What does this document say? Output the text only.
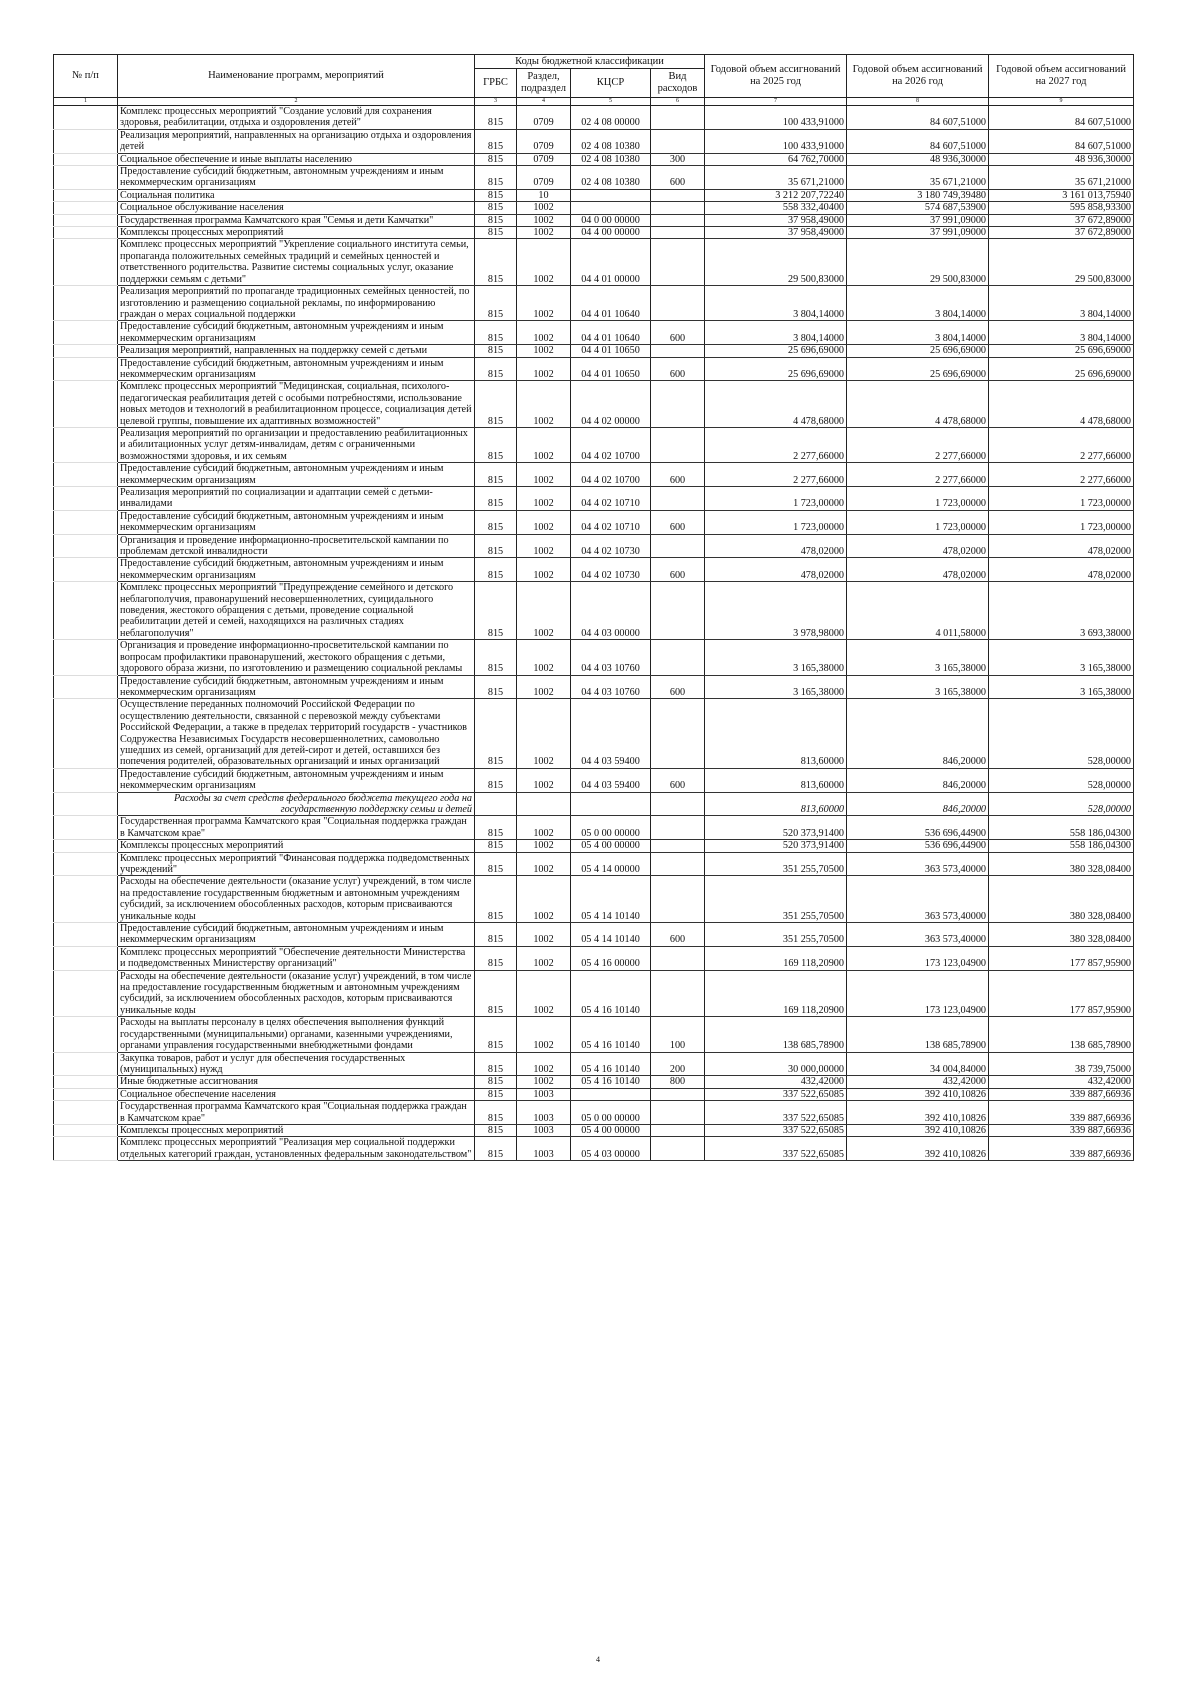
№ п/п	Наименование программ, мероприятий	Коды бюджетной классификации				Годовой объем ассигнований на 2025 год	Годовой объем ассигнований на 2026 год	Годовой объем ассигнований на 2027 год
		ГРБС	Раздел, подраздел	КЦСР	Вид расходов			
1	2	3	4	5	6	7	8	9
	Комплекс процессных мероприятий "Создание условий для сохранения здоровья, реабилитации, отдыха и оздоровления детей"	815	0709	02 4 08 00000		100 433,91000	84 607,51000	84 607,51000
	Реализация мероприятий, направленных на организацию отдыха и оздоровления детей	815	0709	02 4 08 10380		100 433,91000	84 607,51000	84 607,51000
	Социальное обеспечение и иные выплаты населению	815	0709	02 4 08 10380	300	64 762,70000	48 936,30000	48 936,30000
	Предоставление субсидий бюджетным, автономным учреждениям и иным некоммерческим организациям	815	0709	02 4 08 10380	600	35 671,21000	35 671,21000	35 671,21000
	Социальная политика	815	10			3 212 207,72240	3 180 749,39480	3 161 013,75940
	Социальное обслуживание населения	815	1002			558 332,40400	574 687,53900	595 858,93300
	Государственная программа Камчатского края "Семья и дети Камчатки"	815	1002	04 0 00 00000		37 958,49000	37 991,09000	37 672,89000
	Комплексы процессных мероприятий	815	1002	04 4 00 00000		37 958,49000	37 991,09000	37 672,89000
	Комплекс процессных мероприятий "Укрепление социального института семьи, пропаганда положительных семейных традиций и семейных ценностей и ответственного родительства. Развитие системы социальных услуг, оказание поддержки семьям с детьми"	815	1002	04 4 01 00000		29 500,83000	29 500,83000	29 500,83000
	Реализация мероприятий по пропаганде традиционных семейных ценностей, по изготовлению и размещению социальной рекламы, по информированию граждан о мерах социальной поддержки	815	1002	04 4 01 10640		3 804,14000	3 804,14000	3 804,14000
	Предоставление субсидий бюджетным, автономным учреждениям и иным некоммерческим организациям	815	1002	04 4 01 10640	600	3 804,14000	3 804,14000	3 804,14000
	Реализация мероприятий, направленных на поддержку семей с детьми	815	1002	04 4 01 10650		25 696,69000	25 696,69000	25 696,69000
	Предоставление субсидий бюджетным, автономным учреждениям и иным некоммерческим организациям	815	1002	04 4 01 10650	600	25 696,69000	25 696,69000	25 696,69000
	Комплекс процессных мероприятий "Медицинская, социальная, психолого-педагогическая реабилитация детей с особыми потребностями, использование новых методов и технологий в реабилитационном процессе, социализация детей целевой группы, повышение их адаптивных возможностей"	815	1002	04 4 02 00000		4 478,68000	4 478,68000	4 478,68000
	Реализация мероприятий по организации и предоставлению реабилитационных и абилитационных услуг детям-инвалидам, детям с ограниченными возможностями здоровья, и их семьям	815	1002	04 4 02 10700		2 277,66000	2 277,66000	2 277,66000
	Предоставление субсидий бюджетным, автономным учреждениям и иным некоммерческим организациям	815	1002	04 4 02 10700	600	2 277,66000	2 277,66000	2 277,66000
	Реализация мероприятий по социализации и адаптации семей с детьми-инвалидами	815	1002	04 4 02 10710		1 723,00000	1 723,00000	1 723,00000
	Предоставление субсидий бюджетным, автономным учреждениям и иным некоммерческим организациям	815	1002	04 4 02 10710	600	1 723,00000	1 723,00000	1 723,00000
	Организация и проведение информационно-просветительской кампании по проблемам детской инвалидности	815	1002	04 4 02 10730		478,02000	478,02000	478,02000
	Предоставление субсидий бюджетным, автономным учреждениям и иным некоммерческим организациям	815	1002	04 4 02 10730	600	478,02000	478,02000	478,02000
	Комплекс процессных мероприятий "Предупреждение семейного и детского неблагополучия, правонарушений несовершеннолетних, суицидального поведения, жестокого обращения с детьми, проведение социальной реабилитации детей и семей, находящихся на различных стадиях неблагополучия"	815	1002	04 4 03 00000		3 978,98000	4 011,58000	3 693,38000
	Организация и проведение информационно-просветительской кампании по вопросам профилактики правонарушений, жестокого обращения с детьми, здорового образа жизни, по изготовлению и размещению социальной рекламы	815	1002	04 4 03 10760		3 165,38000	3 165,38000	3 165,38000
	Предоставление субсидий бюджетным, автономным учреждениям и иным некоммерческим организациям	815	1002	04 4 03 10760	600	3 165,38000	3 165,38000	3 165,38000
	Осуществление переданных полномочий Российской Федерации по осуществлению деятельности, связанной с перевозкой между субъектами Российской Федерации, а также в пределах территорий государств - участников Содружества Независимых Государств несовершеннолетних, самовольно ушедших из семей, организаций для детей-сирот и детей, оставшихся без попечения родителей, образовательных организаций и иных организаций	815	1002	04 4 03 59400		813,60000	846,20000	528,00000
	Предоставление субсидий бюджетным, автономным учреждениям и иным некоммерческим организациям	815	1002	04 4 03 59400	600	813,60000	846,20000	528,00000
	Расходы за счет средств федерального бюджета текущего года на государственную поддержку семьи и детей					813,60000	846,20000	528,00000
	Государственная программа Камчатского края "Социальная поддержка граждан в Камчатском крае"	815	1002	05 0 00 00000		520 373,91400	536 696,44900	558 186,04300
	Комплексы процессных мероприятий	815	1002	05 4 00 00000		520 373,91400	536 696,44900	558 186,04300
	Комплекс процессных мероприятий "Финансовая поддержка подведомственных учреждений"	815	1002	05 4 14 00000		351 255,70500	363 573,40000	380 328,08400
	Расходы на обеспечение деятельности (оказание услуг) учреждений, в том числе на предоставление государственным бюджетным и автономным учреждениям субсидий, за исключением обособленных расходов, которым присваиваются уникальные коды	815	1002	05 4 14 10140		351 255,70500	363 573,40000	380 328,08400
	Предоставление субсидий бюджетным, автономным учреждениям и иным некоммерческим организациям	815	1002	05 4 14 10140	600	351 255,70500	363 573,40000	380 328,08400
	Комплекс процессных мероприятий "Обеспечение деятельности Министерства и подведомственных Министерству организаций"	815	1002	05 4 16 00000		169 118,20900	173 123,04900	177 857,95900
	Расходы на обеспечение деятельности (оказание услуг) учреждений, в том числе на предоставление государственным бюджетным и автономным учреждениям субсидий, за исключением обособленных расходов, которым присваиваются уникальные коды	815	1002	05 4 16 10140		169 118,20900	173 123,04900	177 857,95900
	Расходы на выплаты персоналу в целях обеспечения выполнения функций государственными (муниципальными) органами, казенными учреждениями, органами управления государственными внебюджетными фондами	815	1002	05 4 16 10140	100	138 685,78900	138 685,78900	138 685,78900
	Закупка товаров, работ и услуг для обеспечения государственных (муниципальных) нужд	815	1002	05 4 16 10140	200	30 000,00000	34 004,84000	38 739,75000
	Иные бюджетные ассигнования	815	1002	05 4 16 10140	800	432,42000	432,42000	432,42000
	Социальное обеспечение населения	815	1003			337 522,65085	392 410,10826	339 887,66936
	Государственная программа Камчатского края "Социальная поддержка граждан в Камчатском крае"	815	1003	05 0 00 00000		337 522,65085	392 410,10826	339 887,66936
	Комплексы процессных мероприятий	815	1003	05 4 00 00000		337 522,65085	392 410,10826	339 887,66936
	Комплекс процессных мероприятий "Реализация мер социальной поддержки отдельных категорий граждан, установленных федеральным законодательством"	815	1003	05 4 03 00000		337 522,65085	392 410,10826	339 887,66936
4
